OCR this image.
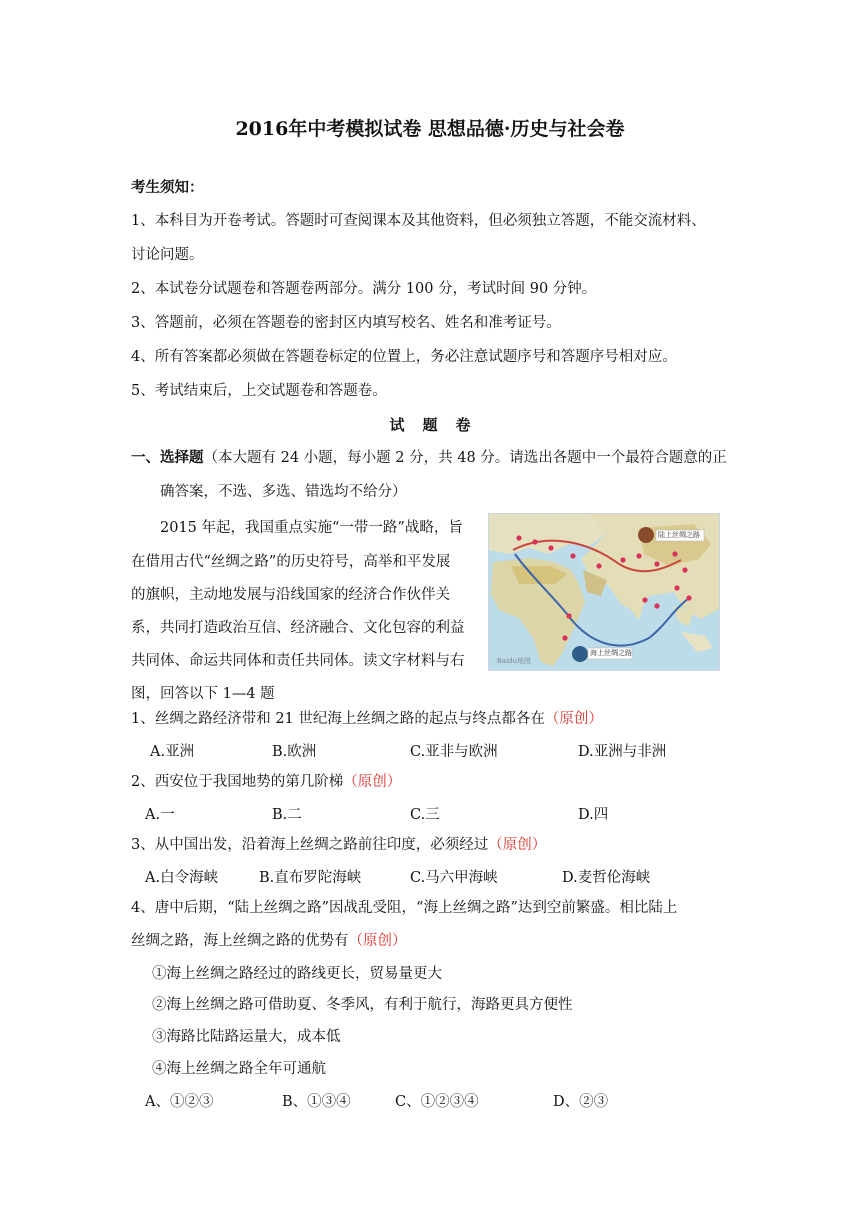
2016年中考模拟试卷 思想品德·历史与社会卷
考生须知：
1、本科目为开卷考试。答题时可查阅课本及其他资料，但必须独立答题，不能交流材料、
讨论问题。
2、本试卷分试题卷和答题卷两部分。满分 100 分，考试时间 90 分钟。
3、答题前，必须在答题卷的密封区内填写校名、姓名和准考证号。
4、所有答案都必须做在答题卷标定的位置上，务必注意试题序号和答题序号相对应。
5、考试结束后，上交试题卷和答题卷。
试题卷
一、选择题（本大题有 24 小题，每小题 2 分，共 48 分。请选出各题中一个最符合题意的正
确答案，不选、多选、错选均不给分）
2015 年起，我国重点实施“一带一路”战略，旨
在借用古代“丝绸之路”的历史符号，高举和平发展
的旗帜，主动地发展与沿线国家的经济合作伙伴关
系，共同打造政治互信、经济融合、文化包容的利益
共同体、命运共同体和责任共同体。读文字材料与右
图，回答以下 1—4 题
陆上丝绸之路
海上丝绸之路
Baidu地图
1、丝绸之路经济带和 21 世纪海上丝绸之路的起点与终点都各在（原创）
A.亚洲	B.欧洲	C.亚非与欧洲	D.亚洲与非洲
2、西安位于我国地势的第几阶梯（原创）
A.一	B.二	C.三	D.四
3、从中国出发，沿着海上丝绸之路前往印度，必须经过（原创）
A.白令海峡	B.直布罗陀海峡	C.马六甲海峡	D.麦哲伦海峡
4、唐中后期，“陆上丝绸之路”因战乱受阻，“海上丝绸之路”达到空前繁盛。相比陆上
丝绸之路，海上丝绸之路的优势有（原创）
①海上丝绸之路经过的路线更长，贸易量更大
②海上丝绸之路可借助夏、冬季风，有利于航行，海路更具方便性
③海路比陆路运量大，成本低
④海上丝绸之路全年可通航
A、①②③	B、①③④	C、①②③④	D、②③
